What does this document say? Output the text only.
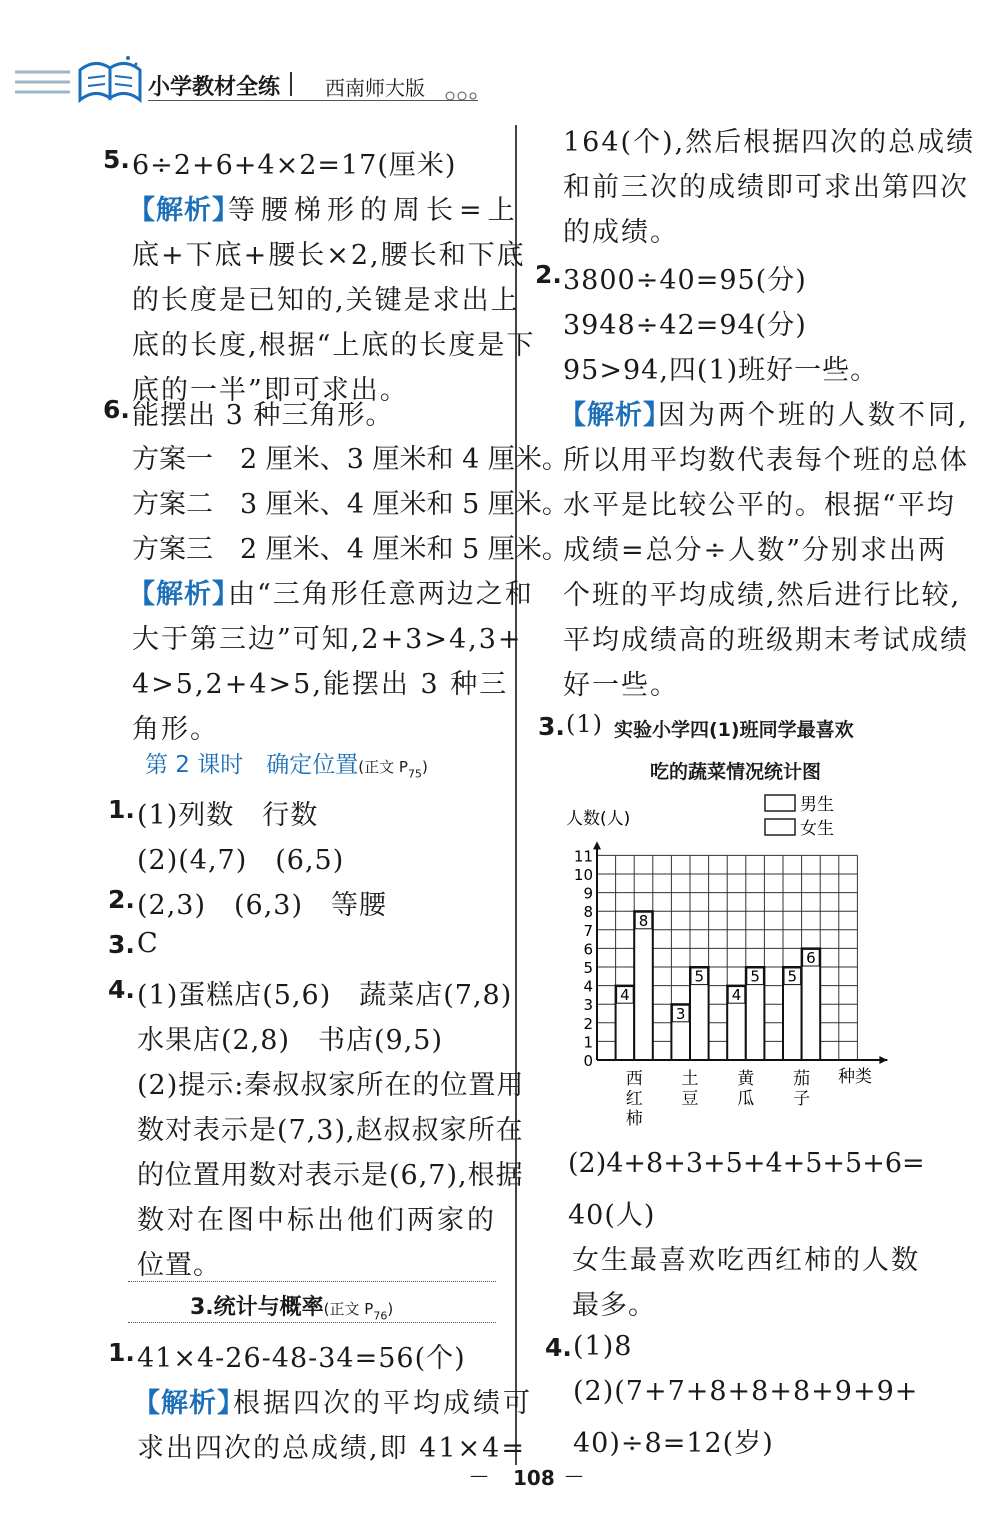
小学教材全练 西南师大版
5. 6÷2+6+4×2=17(厘米)
【解析】
等腰梯形的周长=上
底+下底+腰长×2,腰长和下底
的长度是已知的,关键是求出上
底的长度,根据“上底的长度是下
底的一半”即可求出。
6. 能摆出 3 种三角形。
方案一　2 厘米、3 厘米和 4 厘米。
方案二　3 厘米、4 厘米和 5 厘米。
方案三　2 厘米、4 厘米和 5 厘米。
【解析】
由“三角形任意两边之和
大于第三边”可知,2+3>4,3+
4>5,2+4>5,能摆出 3 种三
角形。
第 2 课时　确定位置(正文 $P_{75}$)
1. (1)列数　行数
(2)(4,7)　(6,5)
2. (2,3)　(6,3)　等腰
3. C
4. (1)蛋糕店(5,6)　蔬菜店(7,8)
水果店(2,8)　书店(9,5)
(2)提示:秦叔叔家所在的位置用
数对表示是(7,3),赵叔叔家所在
的位置用数对表示是(6,7),根据
数对在图中标出他们两家的
位置。
3.统计与概率(正文 $P_{76}$)
1. 41×4-26-48-34=56(个)
【解析】
根据四次的平均成绩可
求出四次的总成绩,即 41×4=
164(个),然后根据四次的总成绩
和前三次的成绩即可求出第四次
的成绩。
2. 3800÷40=95(分)
3948÷42=94(分)
95>94,四(1)班好一些。
【解析】
因为两个班的人数不同,
所以用平均数代表每个班的总体
水平是比较公平的。根据“平均
成绩=总分÷人数”分别求出两
个班的平均成绩,然后进行比较,
平均成绩高的班级期末考试成绩
好一些。
3. (1) 实验小学四(1)班同学最喜欢
吃的蔬菜情况统计图
0
1
2
3
4
5
6
7
8
9
10
11
4
8
3
5
4
5 5
6
西
红
柿
土
豆
黄
瓜
茄
子
人数(人)
男生
女生
种类
(2)4+8+3+5+4+5+5+6=
40(人)
女生最喜欢吃西红柿的人数
最多。
4. (1)8
(2)(7+7+8+8+8+9+9+
40)÷8=12(岁)
— 108 —
